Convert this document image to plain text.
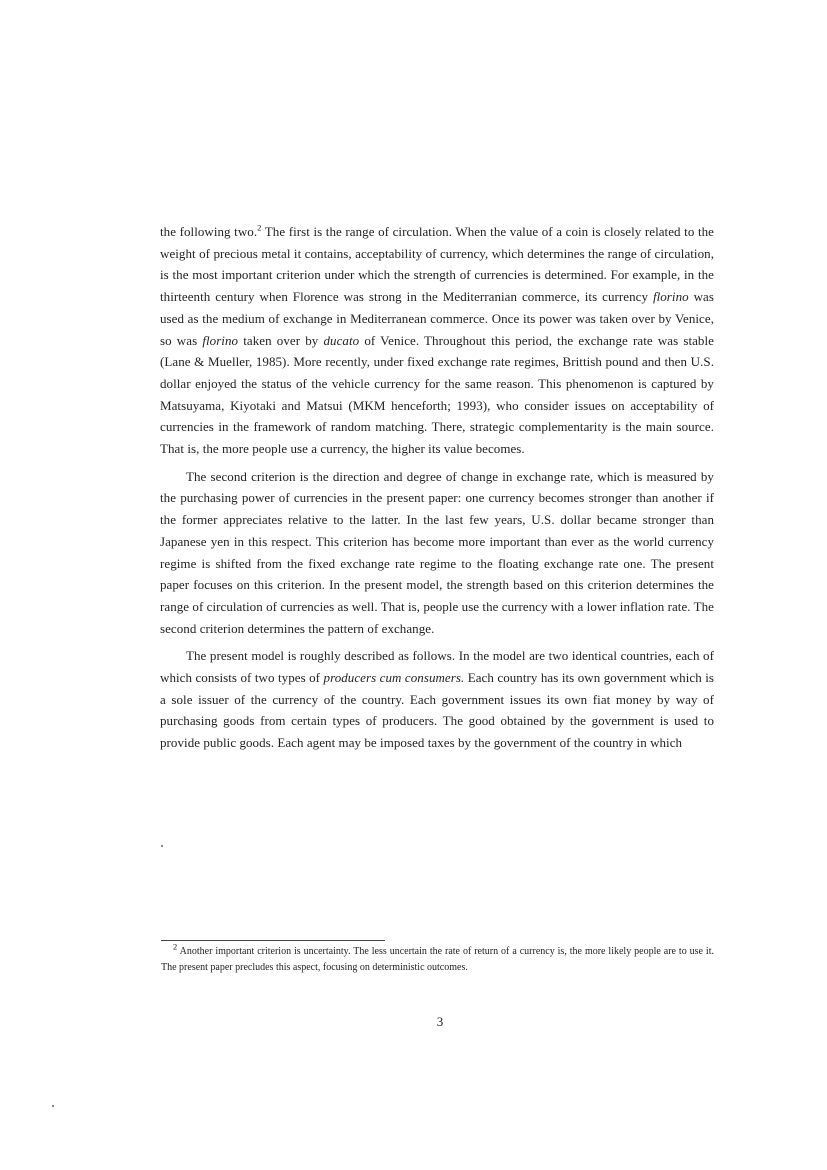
the following two.$^2$ The first is the range of circulation. When the value of a coin is closely related to the weight of precious metal it contains, acceptability of currency, which determines the range of circulation, is the most important criterion under which the strength of currencies is determined. For example, in the thirteenth century when Florence was strong in the Mediterranian commerce, its currency florino was used as the medium of exchange in Mediterranean commerce. Once its power was taken over by Venice, so was florino taken over by ducato of Venice. Throughout this period, the exchange rate was stable (Lane & Mueller, 1985). More recently, under fixed exchange rate regimes, Brittish pound and then U.S. dollar enjoyed the status of the vehicle currency for the same reason. This phenomenon is captured by Matsuyama, Kiyotaki and Matsui (MKM henceforth; 1993), who consider issues on acceptability of currencies in the framework of random matching. There, strategic complementarity is the main source. That is, the more people use a currency, the higher its value becomes.

The second criterion is the direction and degree of change in exchange rate, which is measured by the purchasing power of currencies in the present paper: one currency becomes stronger than another if the former appreciates relative to the latter. In the last few years, U.S. dollar became stronger than Japanese yen in this respect. This criterion has become more important than ever as the world currency regime is shifted from the fixed exchange rate regime to the floating exchange rate one. The present paper focuses on this criterion. In the present model, the strength based on this criterion determines the range of circulation of currencies as well. That is, people use the currency with a lower inflation rate. The second criterion determines the pattern of exchange.

The present model is roughly described as follows. In the model are two identical countries, each of which consists of two types of producers cum consumers. Each country has its own government which is a sole issuer of the currency of the country. Each government issues its own fiat money by way of purchasing goods from certain types of producers. The good obtained by the government is used to provide public goods. Each agent may be imposed taxes by the government of the country in which

$^2$ Another important criterion is uncertainty. The less uncertain the rate of return of a currency is, the more likely people are to use it. The present paper precludes this aspect, focusing on deterministic outcomes.
3
